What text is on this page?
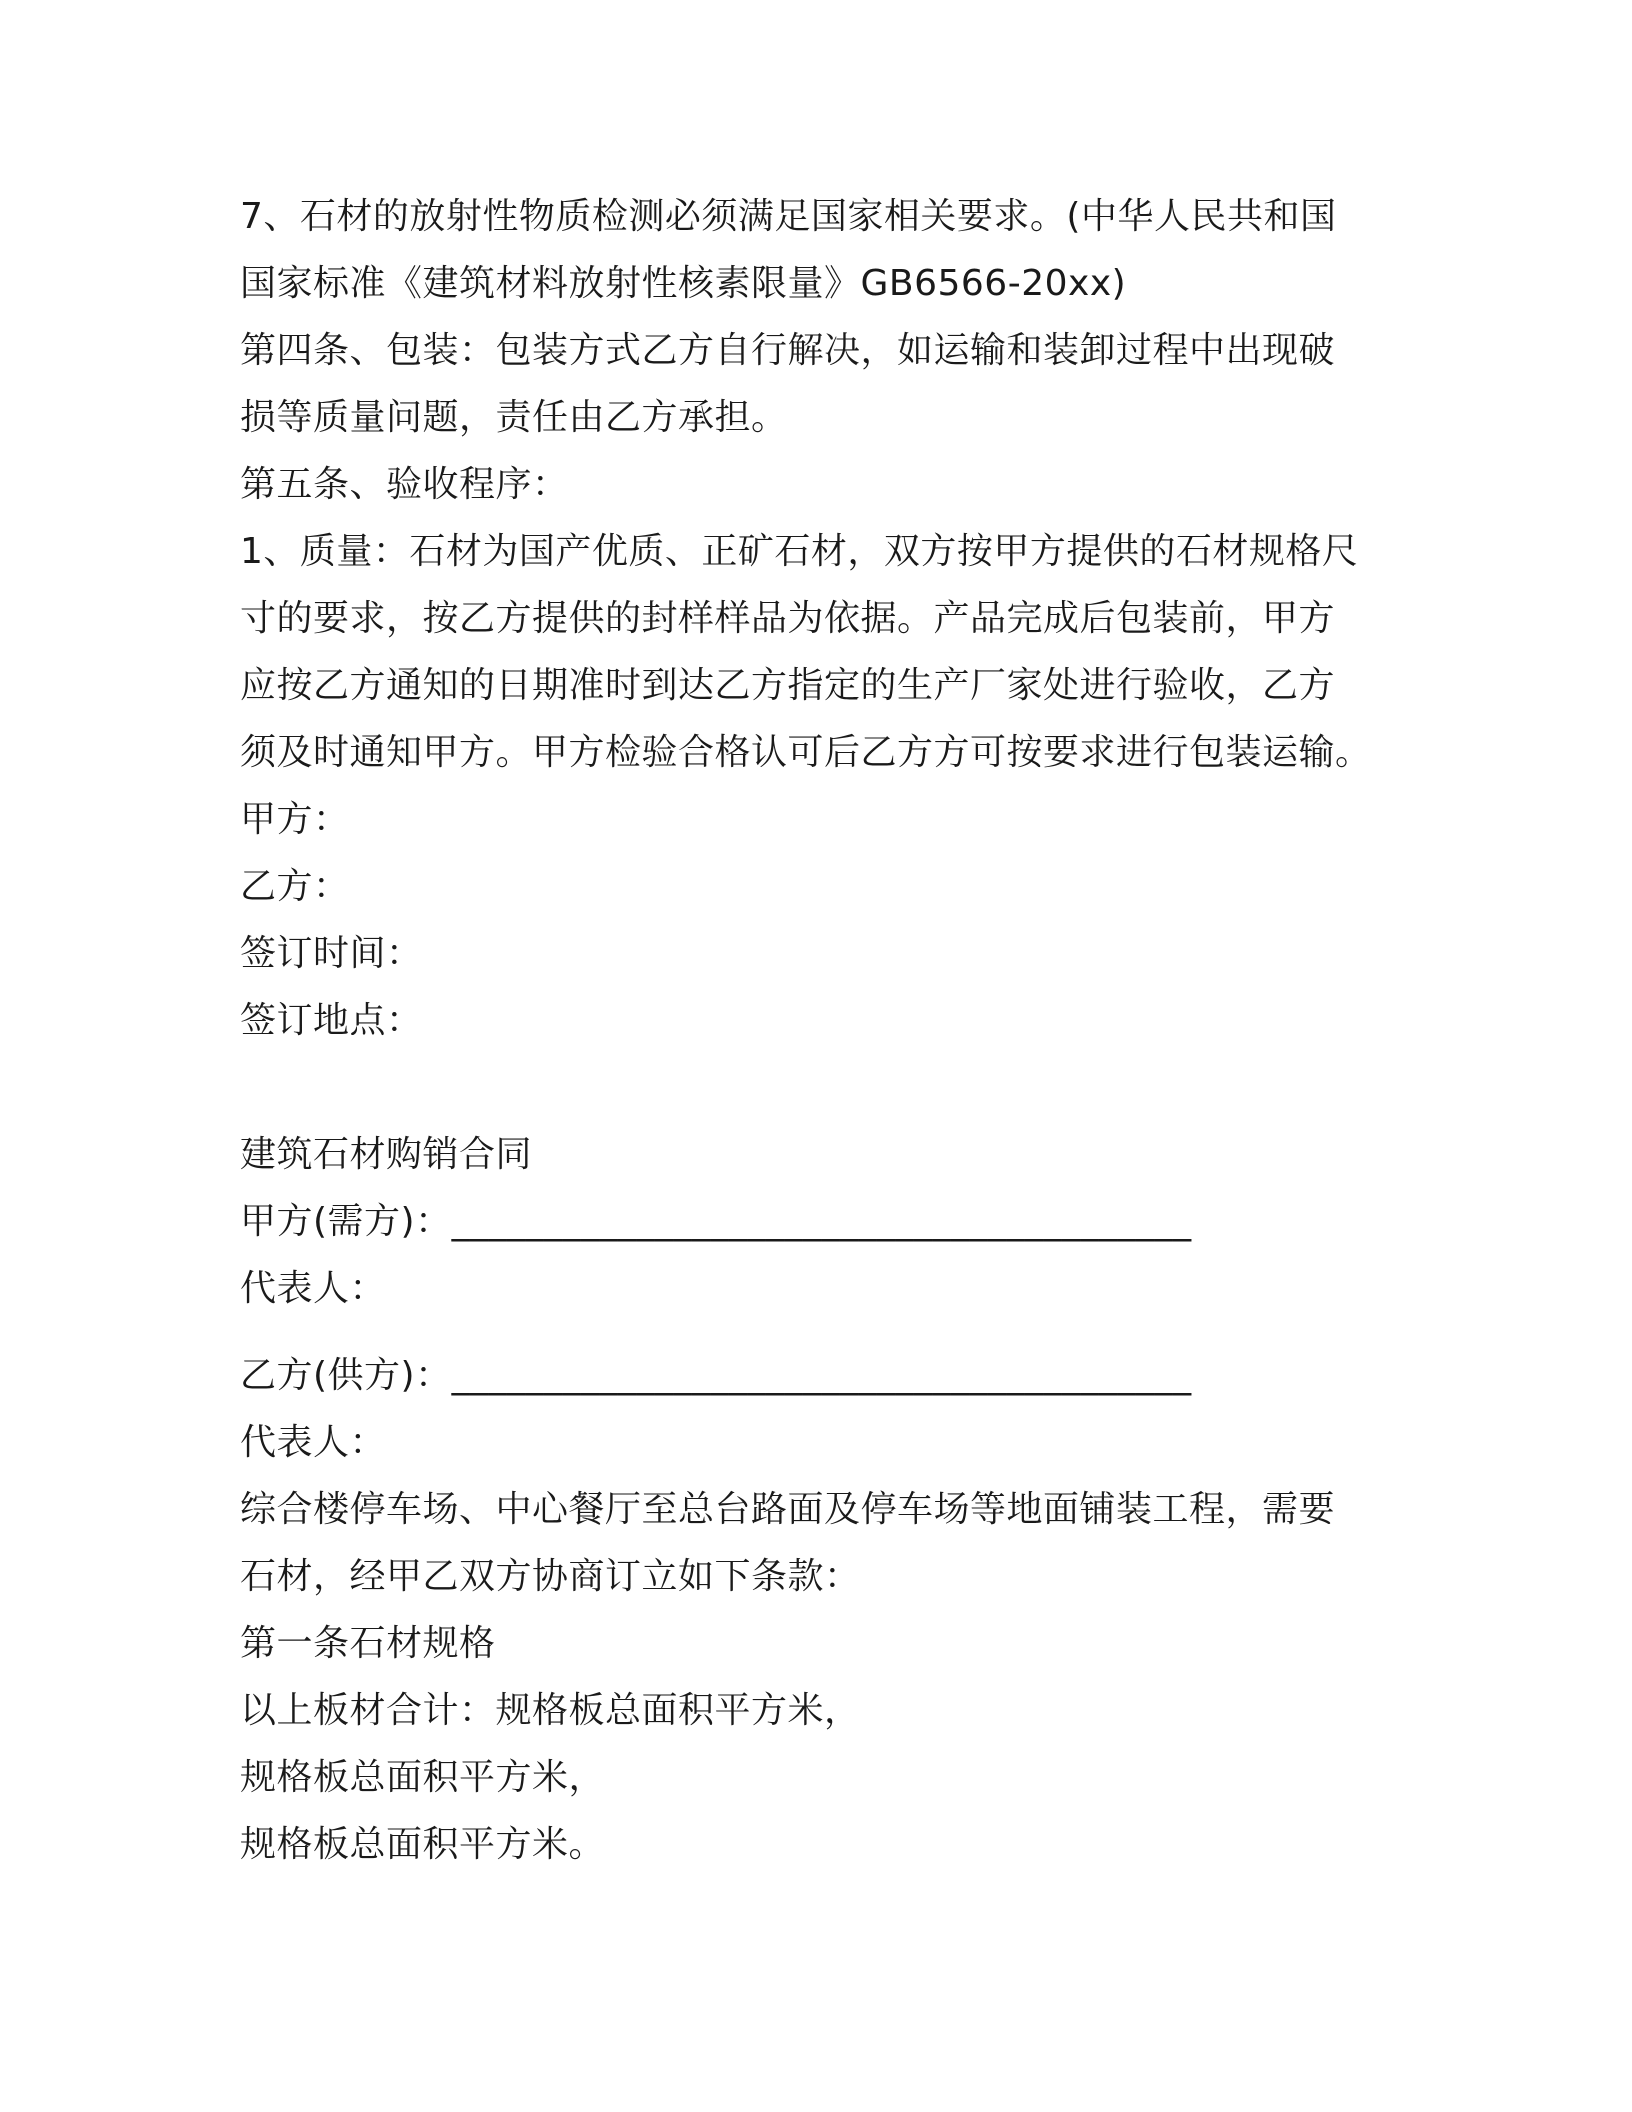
7、石材的放射性物质检测必须满足国家相关要求。(中华人民共和国
国家标准《建筑材料放射性核素限量》GB6566-20xx)
第四条、包装：包装方式乙方自行解决，如运输和装卸过程中出现破
损等质量问题，责任由乙方承担。
第五条、验收程序：
1、质量：石材为国产优质、正矿石材，双方按甲方提供的石材规格尺
寸的要求，按乙方提供的封样样品为依据。产品完成后包装前，甲方
应按乙方通知的日期准时到达乙方指定的生产厂家处进行验收，乙方
须及时通知甲方。甲方检验合格认可后乙方方可按要求进行包装运输。
甲方：
乙方：
签订时间：
签订地点：
建筑石材购销合同
甲方(需方)：________________________________________
代表人：
乙方(供方)：________________________________________
代表人：
综合楼停车场、中心餐厅至总台路面及停车场等地面铺装工程，需要
石材，经甲乙双方协商订立如下条款：
第一条石材规格
以上板材合计：规格板总面积平方米，
规格板总面积平方米，
规格板总面积平方米。
